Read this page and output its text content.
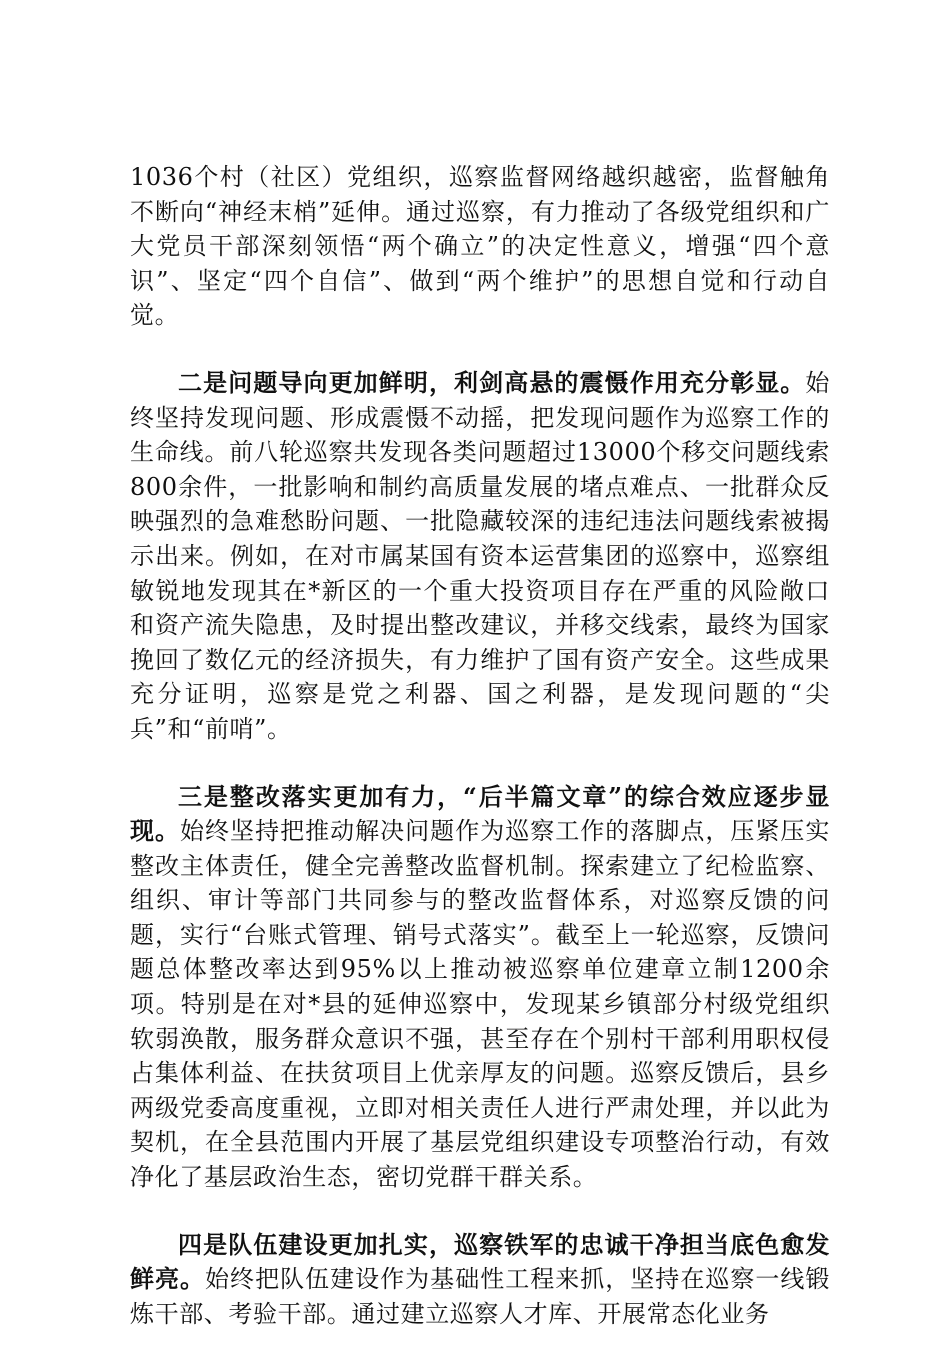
1036个村（社区）党组织，巡察监督网络越织越密，监督触角不断向“神经末梢”延伸。通过巡察，有力推动了各级党组织和广大党员干部深刻领悟“两个确立”的决定性意义，增强“四个意识”、坚定“四个自信”、做到“两个维护”的思想自觉和行动自觉。

二是问题导向更加鲜明，利剑高悬的震慑作用充分彰显。始终坚持发现问题、形成震慑不动摇，把发现问题作为巡察工作的生命线。前八轮巡察共发现各类问题超过13000个移交问题线索800余件，一批影响和制约高质量发展的堵点难点、一批群众反映强烈的急难愁盼问题、一批隐藏较深的违纪违法问题线索被揭示出来。例如，在对市属某国有资本运营集团的巡察中，巡察组敏锐地发现其在*新区的一个重大投资项目存在严重的风险敞口和资产流失隐患，及时提出整改建议，并移交线索，最终为国家挽回了数亿元的经济损失，有力维护了国有资产安全。这些成果充分证明，巡察是党之利器、国之利器，是发现问题的“尖兵”和“前哨”。

三是整改落实更加有力，“后半篇文章”的综合效应逐步显现。始终坚持把推动解决问题作为巡察工作的落脚点，压紧压实整改主体责任，健全完善整改监督机制。探索建立了纪检监察、组织、审计等部门共同参与的整改监督体系，对巡察反馈的问题，实行“台账式管理、销号式落实”。截至上一轮巡察，反馈问题总体整改率达到95%以上推动被巡察单位建章立制1200余项。特别是在对*县的延伸巡察中，发现某乡镇部分村级党组织软弱涣散，服务群众意识不强，甚至存在个别村干部利用职权侵占集体利益、在扶贫项目上优亲厚友的问题。巡察反馈后，县乡两级党委高度重视，立即对相关责任人进行严肃处理，并以此为契机，在全县范围内开展了基层党组织建设专项整治行动，有效净化了基层政治生态，密切党群干群关系。

四是队伍建设更加扎实，巡察铁军的忠诚干净担当底色愈发鲜亮。始终把队伍建设作为基础性工程来抓，坚持在巡察一线锻炼干部、考验干部。通过建立巡察人才库、开展常态化业务
